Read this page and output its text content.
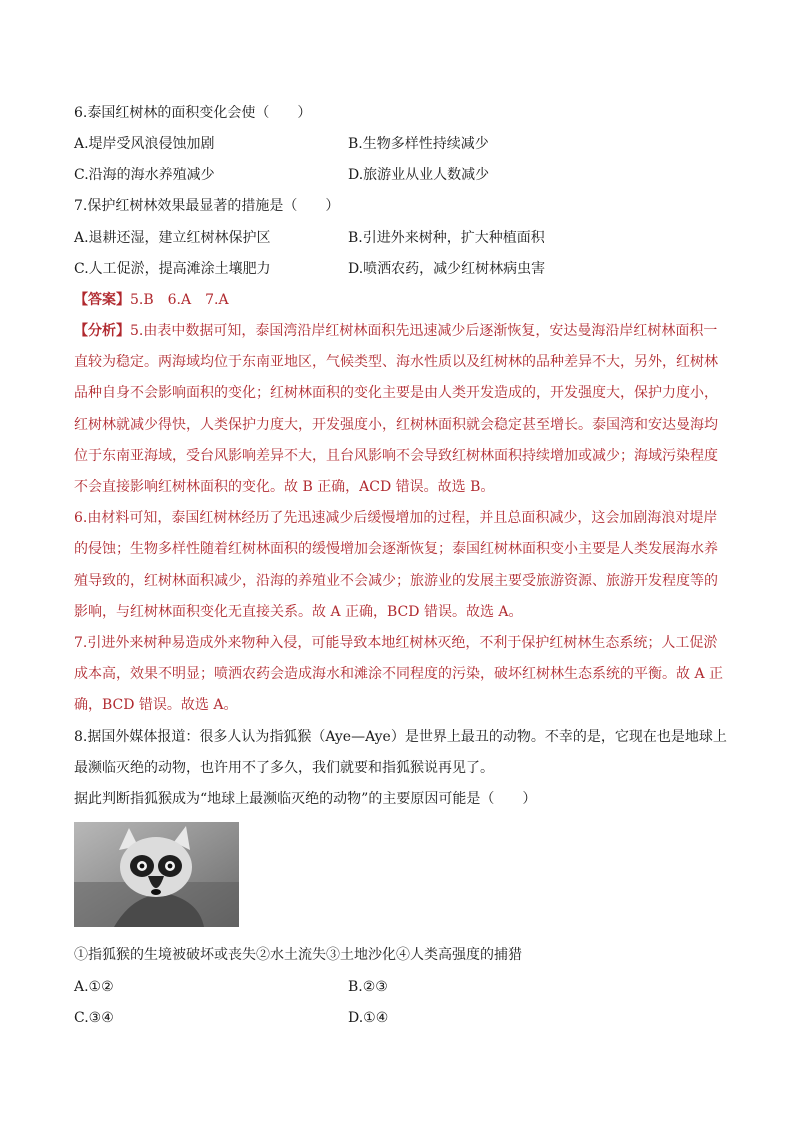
6.泰国红树林的面积变化会使（　　）
A.堤岸受风浪侵蚀加剧	B.生物多样性持续减少
C.沿海的海水养殖减少	D.旅游业从业人数减少
7.保护红树林效果最显著的措施是（　　）
A.退耕还湿，建立红树林保护区	B.引进外来树种，扩大种植面积
C.人工促淤，提高滩涂土壤肥力	D.喷洒农药，减少红树林病虫害
【答案】5.B　6.A　7.A
【分析】5.由表中数据可知，泰国湾沿岸红树林面积先迅速减少后逐渐恢复，安达曼海沿岸红树林面积一
直较为稳定。两海域均位于东南亚地区，气候类型、海水性质以及红树林的品种差异不大，另外，红树林
品种自身不会影响面积的变化；红树林面积的变化主要是由人类开发造成的，开发强度大，保护力度小，
红树林就减少得快，人类保护力度大，开发强度小，红树林面积就会稳定甚至增长。泰国湾和安达曼海均
位于东南亚海域，受台风影响差异不大，且台风影响不会导致红树林面积持续增加或减少；海域污染程度
不会直接影响红树林面积的变化。故 B 正确，ACD 错误。故选 B。
6.由材料可知，泰国红树林经历了先迅速减少后缓慢增加的过程，并且总面积减少，这会加剧海浪对堤岸
的侵蚀；生物多样性随着红树林面积的缓慢增加会逐渐恢复；泰国红树林面积变小主要是人类发展海水养
殖导致的，红树林面积减少，沿海的养殖业不会减少；旅游业的发展主要受旅游资源、旅游开发程度等的
影响，与红树林面积变化无直接关系。故 A 正确，BCD 错误。故选 A。
7.引进外来树种易造成外来物种入侵，可能导致本地红树林灭绝，不利于保护红树林生态系统；人工促淤
成本高，效果不明显；喷洒农药会造成海水和滩涂不同程度的污染，破坏红树林生态系统的平衡。故 A 正
确，BCD 错误。故选 A。
8.据国外媒体报道：很多人认为指狐猴（Aye—Aye）是世界上最丑的动物。不幸的是，它现在也是地球上
最濒临灭绝的动物，也许用不了多久，我们就要和指狐猴说再见了。
据此判断指狐猴成为“地球上最濒临灭绝的动物”的主要原因可能是（　　）
①指狐猴的生境被破坏或丧失②水土流失③土地沙化④人类高强度的捕猎
A.①②	B.②③
C.③④	D.①④
